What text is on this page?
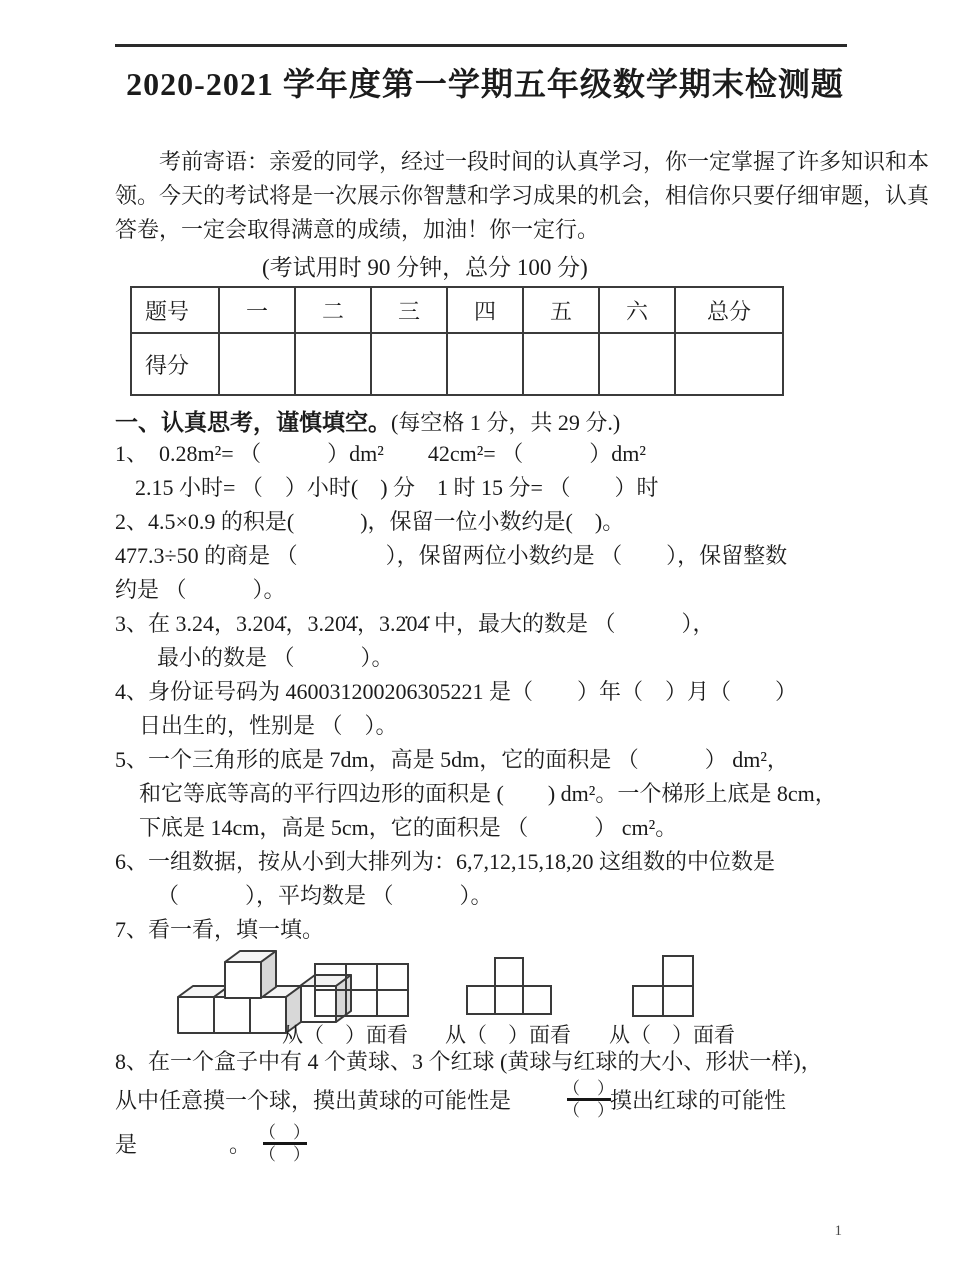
2020-2021 学年度第一学期五年级数学期末检测题
考前寄语：亲爱的同学，经过一段时间的认真学习，你一定掌握了许多知识和本
领。今天的考试将是一次展示你智慧和学习成果的机会，相信你只要仔细审题，认真
答卷，一定会取得满意的成绩，加油！你一定行。
(考试用时 90 分钟，总分 100 分)
题号	一	二	三	四	五	六	总分
得分							
一、认真思考，谨慎填空。(每空格 1 分，共 29 分.)
1、　0.28m²= （　　　）dm²　　42cm²= （　　　）dm²
2.15 小时= （　）小时(　) 分　1 时 15 分= （　　）时
2、4.5×0.9 的积是(　　　)，保留一位小数约是(　)。
477.3÷50 的商是 （　　　　），保留两位小数约是 （　　），保留整数
约是 （　　　）。
3、在 3.24，3.204̇，3.20̇4̇，3.2̇04̇ 中，最大的数是 （　　　），
最小的数是 （　　　）。
4、身份证号码为 460031200206305221 是（　　）年（　）月（　　）
日出生的，性别是 （　）。
5、一个三角形的底是 7dm，高是 5dm，它的面积是 （　　　） dm²，
和它等底等高的平行四边形的面积是 (　　) dm²。一个梯形上底是 8cm，
下底是 14cm，高是 5cm，它的面积是 （　　　） cm²。
6、一组数据，按从小到大排列为：6,7,12,15,18,20 这组数的中位数是
（　　　），平均数是 （　　　）。
7、看一看，填一填。
从（　）面看 从（　）面看 从（　）面看
8、在一个盒子中有 4 个黄球、3 个红球 (黄球与红球的大小、形状一样)，
从中任意摸一个球，摸出黄球的可能性是	$\frac{( )}{( )}$
摸出红球的可能性
是	。 $\frac{( )}{( )}$
1
